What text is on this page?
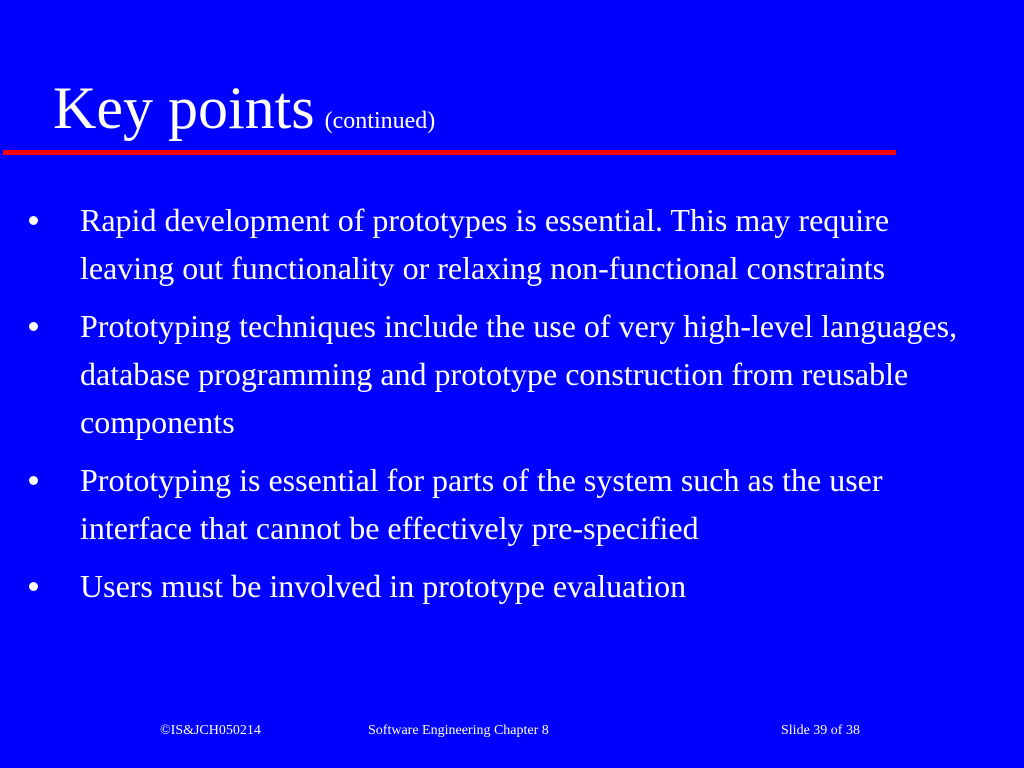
Key points (continued)
Rapid development of prototypes is essential. This may require leaving out functionality or relaxing non-functional constraints
Prototyping techniques include the use of very high-level languages, database programming and prototype construction from reusable components
Prototyping is essential for parts of the system such as the user interface that cannot be effectively pre-specified
Users must be involved in prototype evaluation
©IS&JCH050214	Software Engineering Chapter 8	Slide 39 of 38
